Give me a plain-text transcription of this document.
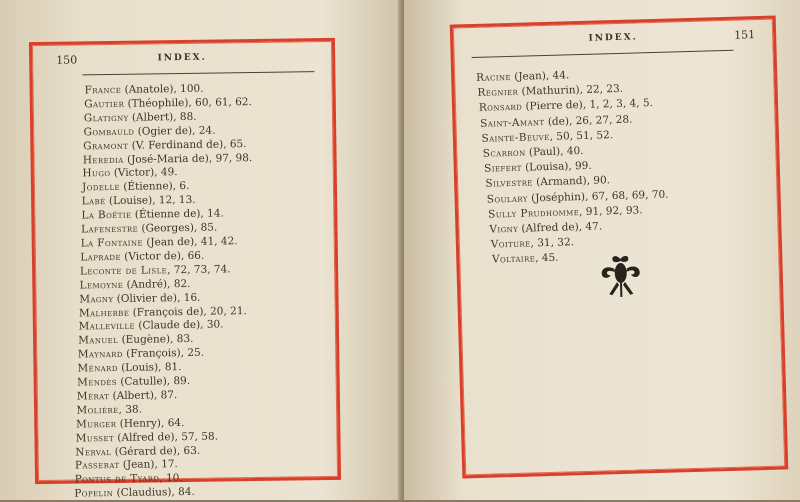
150	INDEX.
France (Anatole), 100.
Gautier (Théophile), 60, 61, 62.
Glatigny (Albert), 88.
Gombauld (Ogier de), 24.
Gramont (V. Ferdinand de), 65.
Heredia (José-Maria de), 97, 98.
Hugo (Victor), 49.
Jodelle (Étienne), 6.
Labé (Louise), 12, 13.
La Boëtie (Étienne de), 14.
Lafenestre (Georges), 85.
La Fontaine (Jean de), 41, 42.
Laprade (Victor de), 66.
Leconte de Lisle, 72, 73, 74.
Lemoyne (André), 82.
Magny (Olivier de), 16.
Malherbe (François de), 20, 21.
Malleville (Claude de), 30.
Manuel (Eugène), 83.
Maynard (François), 25.
Ménard (Louis), 81.
Mendès (Catulle), 89.
Mérat (Albert), 87.
Molière, 38.
Murger (Henry), 64.
Musset (Alfred de), 57, 58.
Nerval (Gérard de), 63.
Passerat (Jean), 17.
Pontus de Tyard, 10.
Popelin (Claudius), 84.
INDEX.	151
Racine (Jean), 44.
Regnier (Mathurin), 22, 23.
Ronsard (Pierre de), 1, 2, 3, 4, 5.
Saint-Amant (de), 26, 27, 28.
Sainte-Beuve, 50, 51, 52.
Scarron (Paul), 40.
Siefert (Louisa), 99.
Silvestre (Armand), 90.
Soulary (Joséphin), 67, 68, 69, 70.
Sully Prudhomme, 91, 92, 93.
Vigny (Alfred de), 47.
Voiture, 31, 32.
Voltaire, 45.
